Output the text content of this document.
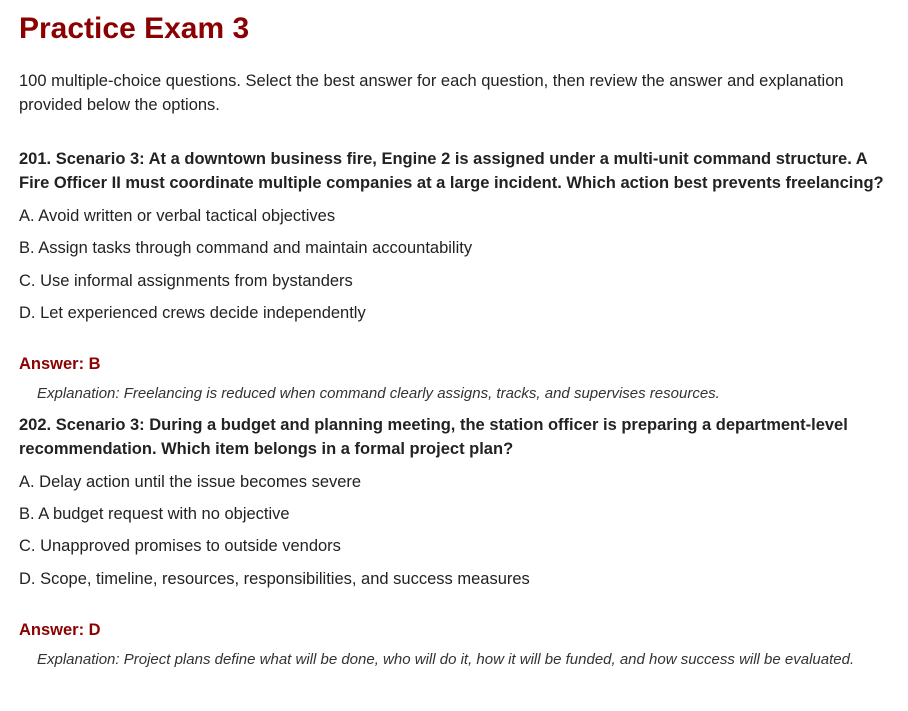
Practice Exam 3

100 multiple-choice questions. Select the best answer for each question, then review the answer and explanation provided below the options.

201. Scenario 3: At a downtown business fire, Engine 2 is assigned under a multi-unit command structure. A Fire Officer II must coordinate multiple companies at a large incident. Which action best prevents freelancing?

A. Avoid written or verbal tactical objectives
B. Assign tasks through command and maintain accountability
C. Use informal assignments from bystanders
D. Let experienced crews decide independently

Answer: B

Explanation: Freelancing is reduced when command clearly assigns, tracks, and supervises resources.

202. Scenario 3: During a budget and planning meeting, the station officer is preparing a department-level recommendation. Which item belongs in a formal project plan?

A. Delay action until the issue becomes severe
B. A budget request with no objective
C. Unapproved promises to outside vendors
D. Scope, timeline, resources, responsibilities, and success measures

Answer: D

Explanation: Project plans define what will be done, who will do it, how it will be funded, and how success will be evaluated.
